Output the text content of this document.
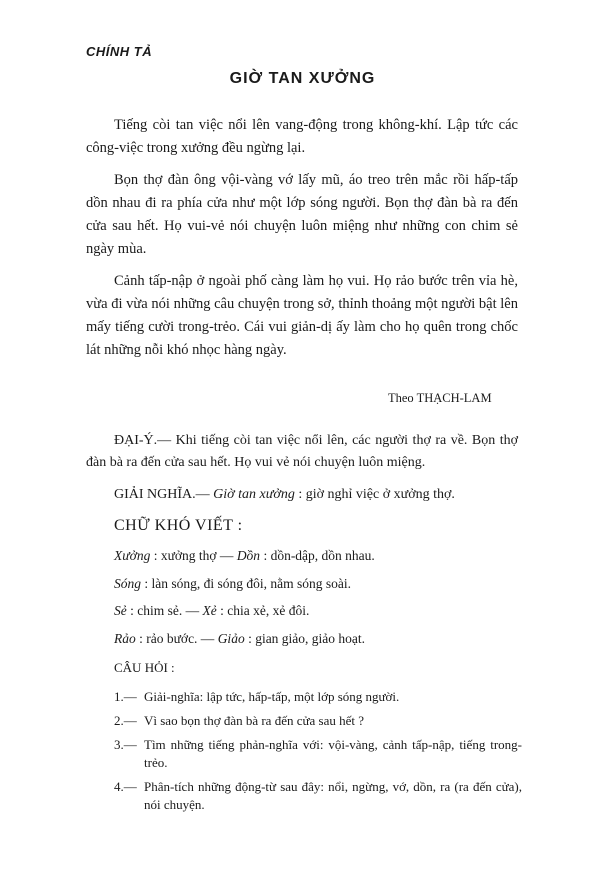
CHÍNH TẢ
GIỜ TAN XƯỞNG

Tiếng còi tan việc nổi lên vang-động trong không-khí. Lập tức các công-việc trong xưởng đều ngừng lại.

Bọn thợ đàn ông vội-vàng vớ lấy mũ, áo treo trên mắc rồi hấp-tấp dồn nhau đi ra phía cửa như một lớp sóng người. Bọn thợ đàn bà ra đến cửa sau hết. Họ vui-vẻ nói chuyện luôn miệng như những con chim sẻ ngày mùa.

Cảnh tấp-nập ở ngoài phố càng làm họ vui. Họ rảo bước trên vỉa hè, vừa đi vừa nói những câu chuyện trong sở, thỉnh thoảng một người bật lên mấy tiếng cười trong-trẻo. Cái vui giản-dị ấy làm cho họ quên trong chốc lát những nỗi khó nhọc hàng ngày.

Theo THẠCH-LAM
ĐẠI-Ý.— Khi tiếng còi tan việc nổi lên, các người thợ ra về. Bọn thợ đàn bà ra đến cửa sau hết. Họ vui vẻ nói chuyện luôn miệng.
GIẢI NGHĨA.— Giờ tan xưởng : giờ nghỉ việc ở xưởng thợ.
CHỮ KHÓ VIẾT :
Xưởng : xưởng thợ — Dồn : dồn-dập, dồn nhau.
Sóng : làn sóng, đi sóng đôi, nằm sóng soài.
Sẻ : chim sẻ. — Xẻ : chia xẻ, xẻ đôi.
Rảo : rảo bước. — Giảo : gian giảo, giảo hoạt.
CÂU HỎI :
1.— Giải-nghĩa: lập tức, hấp-tấp, một lớp sóng người.
2.— Vì sao bọn thợ đàn bà ra đến cửa sau hết ?
3.— Tìm những tiếng phản-nghĩa với: vội-vàng, cảnh tấp-nập, tiếng trong-trẻo.
4.— Phân-tích những động-từ sau đây: nổi, ngừng, vớ, dồn, ra (ra đến cửa), nói chuyện.
